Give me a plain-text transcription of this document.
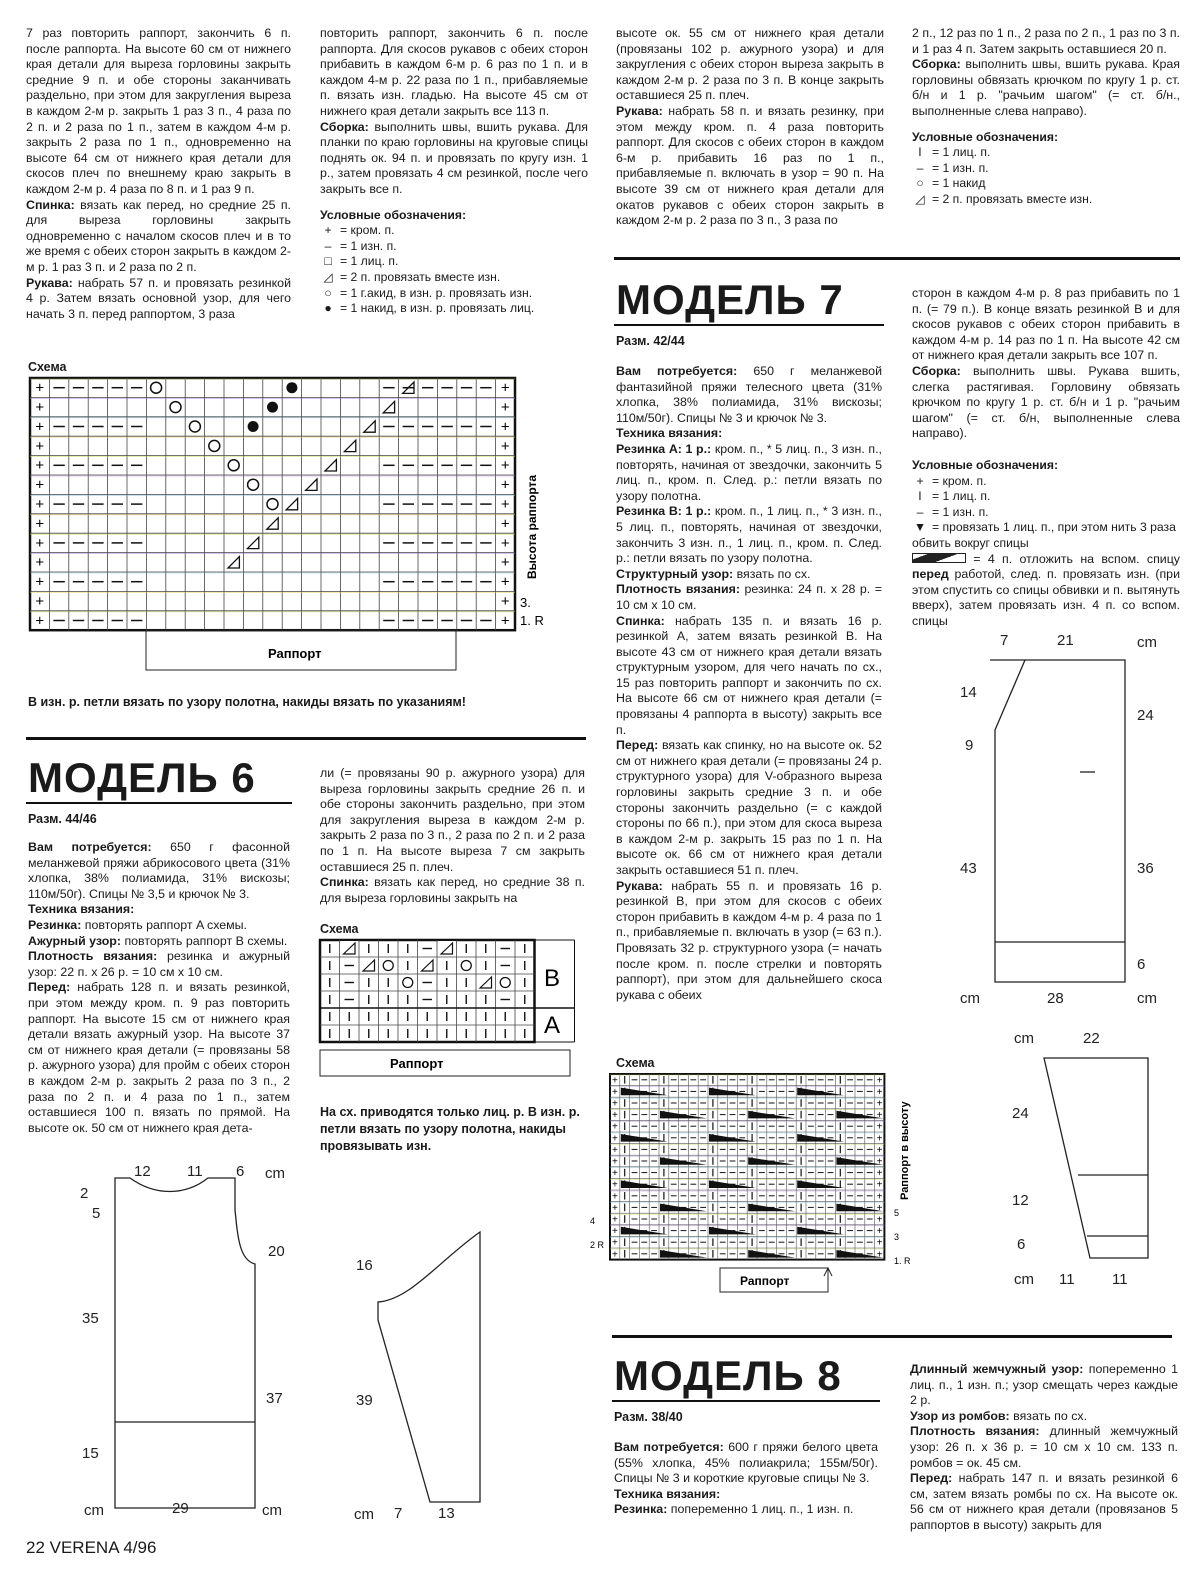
7 раз повторить раппорт, закончить 6 п. после раппорта. На высоте 60 см от нижнего края детали для выреза горловины закрыть средние 9 п. и обе стороны заканчивать раздельно, при этом для закругления выреза в каждом 2-м р. закрыть 1 раз 3 п., 4 раза по 2 п. и 2 раза по 1 п., затем в каждом 4-м р. закрыть 2 раза по 1 п., одновременно на высоте 64 см от нижнего края детали для скосов плеч по внешнему краю закрыть в каждом 2-м р. 4 раза по 8 п. и 1 раз 9 п.

Спинка: вязать как перед, но средние 25 п. для выреза горловины закрыть одновременно с началом скосов плеч и в то же время с обеих сторон закрыть в каждом 2-м р. 1 раз 3 п. и 2 раза по 2 п.

Рукава: набрать 57 п. и провязать резинкой 4 р. Затем вязать основной узор, для чего начать 3 п. перед раппортом, 3 раза

повторить раппорт, закончить 6 п. после раппорта. Для скосов рукавов с обеих сторон прибавить в каждом 6-м р. 6 раз по 1 п. и в каждом 4-м р. 22 раза по 1 п., прибавляемые п. вязать изн. гладью. На высоте 45 см от нижнего края детали закрыть все 113 п.

Сборка: выполнить швы, вшить рукава. Для планки по краю горловины на круговые спицы поднять ок. 94 п. и провязать по кругу изн. 1 р., затем провязать 4 см резинкой, после чего закрыть все п.

Условные обозначения:
+ = кром. п.
– = 1 изн. п.
□ = 1 лиц. п.
◿ = 2 п. провязать вместе изн.
○ = 1 г.акид, в изн. р. провязать изн.
● = 1 накид, в изн. р. провязать лиц.

высоте ок. 55 см от нижнего края детали (провязаны 102 р. ажурного узора) и для закругления с обеих сторон выреза закрыть в каждом 2-м р. 2 раза по 3 п. В конце закрыть оставшиеся 25 п. плеч.

Рукава: набрать 58 п. и вязать резинку, при этом между кром. п. 4 раза повторить раппорт. Для скосов с обеих сторон в каждом 6-м р. прибавить 16 раз по 1 п., прибавляемые п. включать в узор = 90 п. На высоте 39 см от нижнего края детали для окатов рукавов с обеих сторон закрыть в каждом 2-м р. 2 раза по 3 п., 3 раза по

2 п., 12 раз по 1 п., 2 раза по 2 п., 1 раз по 3 п. и 1 раз 4 п. Затем закрыть оставшиеся 20 п.

Сборка: выполнить швы, вшить рукава. Края горловины обвязать крючком по кругу 1 р. ст. б/н и 1 р. "рачьим шагом" (= ст. б/н., выполненные слева направо).

Условные обозначения:
I = 1 лиц. п.
– = 1 изн. п.
○ = 1 накид
◿ = 2 п. провязать вместе изн.
Схема
+	+
+	+
+	+
+	+
+	+
+	+
+	+
+	+
+	+
+	+
+	+
+	+
+	+
Высота раппорта
3.
1. R
Раппорт
В изн. р. петли вязать по узору полотна, накиды вязать по указаниям!
МОДЕЛЬ 6
Разм. 44/46

Вам потребуется: 650 г фасонной меланжевой пряжи абрикосового цвета (31% хлопка, 38% полиамида, 31% вискозы; 110м/50г). Спицы № 3,5 и крючок № 3.

Техника вязания:

Резинка: повторять раппорт A схемы.

Ажурный узор: повторять раппорт B схемы.

Плотность вязания: резинка и ажурный узор: 22 п. х 26 р. = 10 см х 10 см.

Перед: набрать 128 п. и вязать резинкой, при этом между кром. п. 9 раз повторить раппорт. На высоте 15 см от нижнего края детали вязать ажурный узор. На высоте 37 см от нижнего края детали (= провязаны 58 р. ажурного узора) для пройм с обеих сторон в каждом 2-м р. закрыть 2 раза по 3 п., 2 раза по 2 п. и 4 раза по 1 п., затем оставшиеся 100 п. вязать по прямой. На высоте ок. 50 см от нижнего края дета-

ли (= провязаны 90 р. ажурного узора) для выреза горловины закрыть средние 26 п. и обе стороны закончить раздельно, при этом для закругления выреза в каждом 2-м р. закрыть 2 раза по 3 п., 2 раза по 2 п. и 2 раза по 1 п. На высоте выреза 7 см закрыть оставшиеся 25 п. плеч.

Спинка: вязать как перед, но средние 38 п. для выреза горловины закрыть на

Схема
B
A
Раппорт
На сх. приводятся только лиц. р. В изн. р. петли вязать по узору полотна, накиды провязывать изн.
12 11 6 cm
2
5
20
35
37
15
cm	29	cm
16
39
cm 7 13
МОДЕЛЬ 7
Разм. 42/44

Вам потребуется: 650 г меланжевой фантазийной пряжи телесного цвета (31% хлопка, 38% полиамида, 31% вискозы; 110м/50г). Спицы № 3 и крючок № 3.

Техника вязания:

Резинка A: 1 р.: кром. п., * 5 лиц. п., 3 изн. п., повторять, начиная от звездочки, закончить 5 лиц. п., кром. п. След. р.: петли вязать по узору полотна.

Резинка B: 1 р.: кром. п., 1 лиц. п., * 3 изн. п., 5 лиц. п., повторять, начиная от звездочки, закончить 3 изн. п., 1 лиц. п., кром. п. След. р.: петли вязать по узору полотна.

Структурный узор: вязать по сх.

Плотность вязания: резинка: 24 п. х 28 р. = 10 см х 10 см.

Спинка: набрать 135 п. и вязать 16 р. резинкой A, затем вязать резинкой B. На высоте 43 см от нижнего края детали вязать структурным узором, для чего начать по сх., 15 раз повторить раппорт и закончить по сх. На высоте 66 см от нижнего края детали (= провязаны 4 раппорта в высоту) закрыть все п.

Перед: вязать как спинку, но на высоте ок. 52 см от нижнего края детали (= провязаны 24 р. структурного узора) для V-образного выреза горловины закрыть средние 3 п. и обе стороны закончить раздельно (= с каждой стороны по 66 п.), при этом для скоса выреза в каждом 2-м р. закрыть 15 раз по 1 п. На высоте ок. 66 см от нижнего края детали закрыть оставшиеся 51 п. плеч.

Рукава: набрать 55 п. и провязать 16 р. резинкой B, при этом для скосов с обеих сторон прибавить в каждом 4-м р. 4 раза по 1 п., прибавляемые п. включать в узор (= 63 п.). Провязать 32 р. структурного узора (= начать после кром. п. после стрелки и повторять раппорт), при этом для дальнейшего скоса рукава с обеих

сторон в каждом 4-м р. 8 раз прибавить по 1 п. (= 79 п.). В конце вязать резинкой B и для скосов рукавов с обеих сторон прибавить в каждом 4-м р. 14 раз по 1 п. На высоте 42 см от нижнего края детали закрыть все 107 п.

Сборка: выполнить швы. Рукава вшить, слегка растягивая. Горловину обвязать крючком по кругу 1 р. ст. б/н и 1 р. "рачьим шагом" (= ст. б/н, выполненные слева направо).

Условные обозначения:
+ = кром. п.
I = 1 лиц. п.
– = 1 изн. п.
▼ = провязать 1 лиц. п., при этом нить 3 раза обвить вокруг спицы
= 4 п. отложить на вспом. спицу перед работой, след. п. провязать изн. (при этом спустить со спицы обвивки и п. вытянуть вверх), затем провязать изн. 4 п. со вспом. спицы
Схема
+	+
+	+
+	+
+	+
+	+
+	+
+	+
+	+
+	+
+	+
+	+
+	+
+	+
+	+
+	+
+	+
Раппорт в высоту
5
3
1. R
4
2 R
Раппорт
7	21	cm
14
9
24
43	36
6
cm	28	cm
cm	22
24
12
6
cm 11 11
МОДЕЛЬ 8
Разм. 38/40

Вам потребуется: 600 г пряжи белого цвета (55% хлопка, 45% полиакрила; 155м/50г). Спицы № 3 и короткие круговые спицы № 3.

Техника вязания:

Резинка: попеременно 1 лиц. п., 1 изн. п.

Длинный жемчужный узор: попеременно 1 лиц. п., 1 изн. п.; узор смещать через каждые 2 р.

Узор из ромбов: вязать по сх.

Плотность вязания: длинный жемчужный узор: 26 п. х 36 р. = 10 см х 10 см. 133 п. ромбов = ок. 45 см.

Перед: набрать 147 п. и вязать резинкой 6 см, затем вязать ромбы по сх. На высоте ок. 56 см от нижнего края детали (провязанов 5 раппортов в высоту) закрыть для

22 VERENA 4/96
